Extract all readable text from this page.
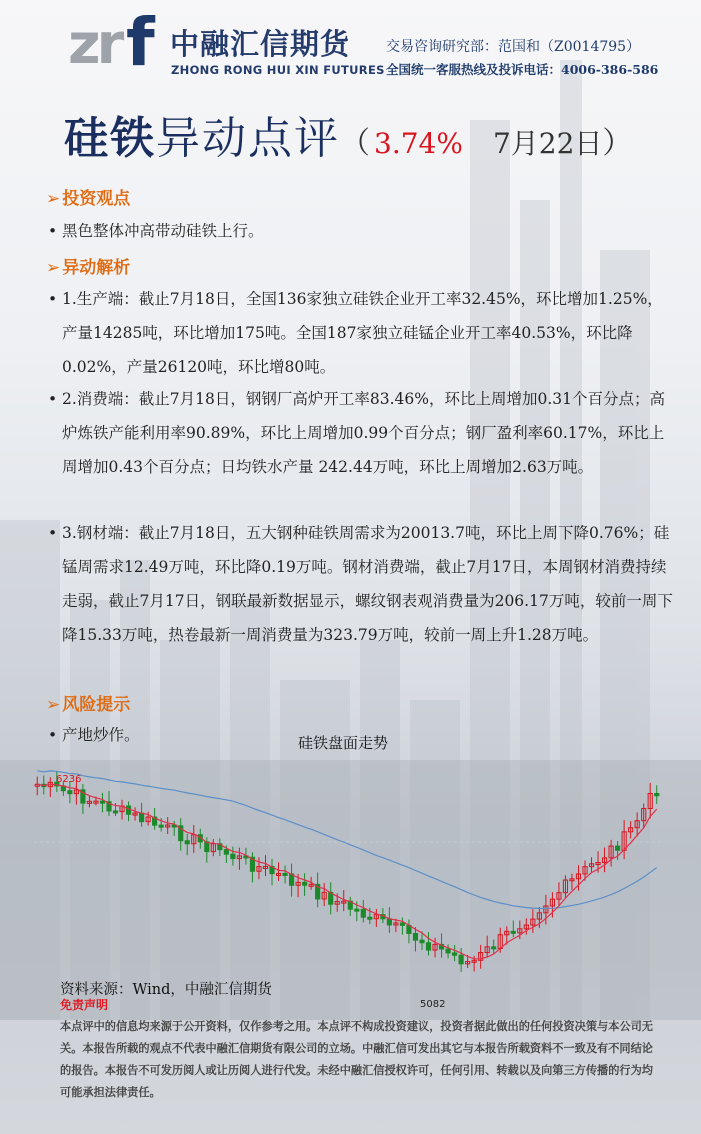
zr f 中融汇信期货
ZHONG RONG HUI XIN FUTURES
交易咨询研究部：范国和（Z0014795）
全国统一客服热线及投诉电话：4006-386-586
硅铁异动点评（ 3.74% 7月22日）
➢ 投资观点
• 黑色整体冲高带动硅铁上行。
➢ 异动解析
• 1.生产端：截止7月18日，全国136家独立硅铁企业开工率32.45%，环比增加1.25%，产量14285吨，环比增加175吨。全国187家独立硅锰企业开工率40.53%，环比降0.02%，产量26120吨，环比增80吨。
• 2.消费端：截止7月18日，钢钢厂高炉开工率83.46%，环比上周增加0.31个百分点；高炉炼铁产能利用率90.89%，环比上周增加0.99个百分点；钢厂盈利率60.17%，环比上周增加0.43个百分点；日均铁水产量 242.44万吨，环比上周增加2.63万吨。
• 3.钢材端：截止7月18日，五大钢种硅铁周需求为20013.7吨，环比上周下降0.76%；硅锰周需求12.49万吨，环比降0.19万吨。钢材消费端，截止7月17日，本周钢材消费持续走弱，截止7月17日，钢联最新数据显示，螺纹钢表观消费量为206.17万吨，较前一周下降15.33万吨，热卷最新一周消费量为323.79万吨，较前一周上升1.28万吨。
➢ 风险提示
• 产地炒作。	硅铁盘面走势
6236
5082
资料来源：Wind，中融汇信期货
免责声明
本点评中的信息均来源于公开资料，仅作参考之用。本点评不构成投资建议，投资者据此做出的任何投资决策与本公司无关。本报告所载的观点不代表中融汇信期货有限公司的立场。中融汇信可发出其它与本报告所载资料不一致及有不同结论的报告。本报告不可发历阅人或让历阅人进行代发。未经中融汇信授权许可，任何引用、转载以及向第三方传播的行为均可能承担法律责任。
